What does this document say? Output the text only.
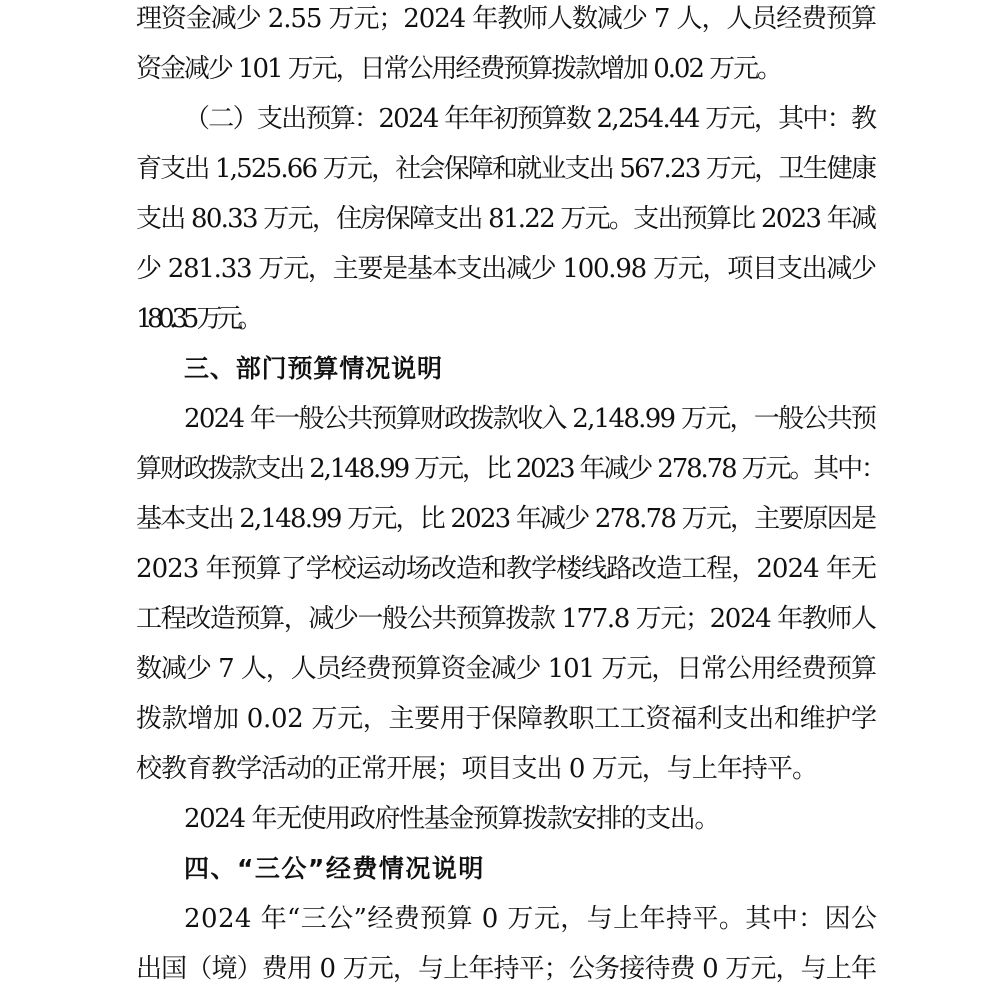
理资金减少 2.55 万元；2024 年教师人数减少 7 人，人员经费预算
资金减少 101 万元，日常公用经费预算拨款增加 0.02 万元。
（二）支出预算：2024 年年初预算数 2,254.44 万元，其中：教
育支出 1,525.66 万元，社会保障和就业支出 567.23 万元，卫生健康
支出 80.33 万元，住房保障支出 81.22 万元。支出预算比 2023 年减
少 281.33 万元，主要是基本支出减少 100.98 万元，项目支出减少
180.35 万元。
三、部门预算情况说明
2024 年一般公共预算财政拨款收入 2,148.99 万元，一般公共预
算财政拨款支出 2,148.99 万元，比 2023 年减少 278.78 万元。其中：
基本支出 2,148.99 万元，比 2023 年减少 278.78 万元，主要原因是
2023 年预算了学校运动场改造和教学楼线路改造工程，2024 年无
工程改造预算，减少一般公共预算拨款 177.8 万元；2024 年教师人
数减少 7 人，人员经费预算资金减少 101 万元，日常公用经费预算
拨款增加 0.02 万元，主要用于保障教职工工资福利支出和维护学
校教育教学活动的正常开展；项目支出 0 万元，与上年持平。
2024 年无使用政府性基金预算拨款安排的支出。
四、“三公”经费情况说明
2024 年“三公”经费预算 0 万元，与上年持平。其中：因公
出国（境）费用 0 万元，与上年持平；公务接待费 0 万元，与上年
